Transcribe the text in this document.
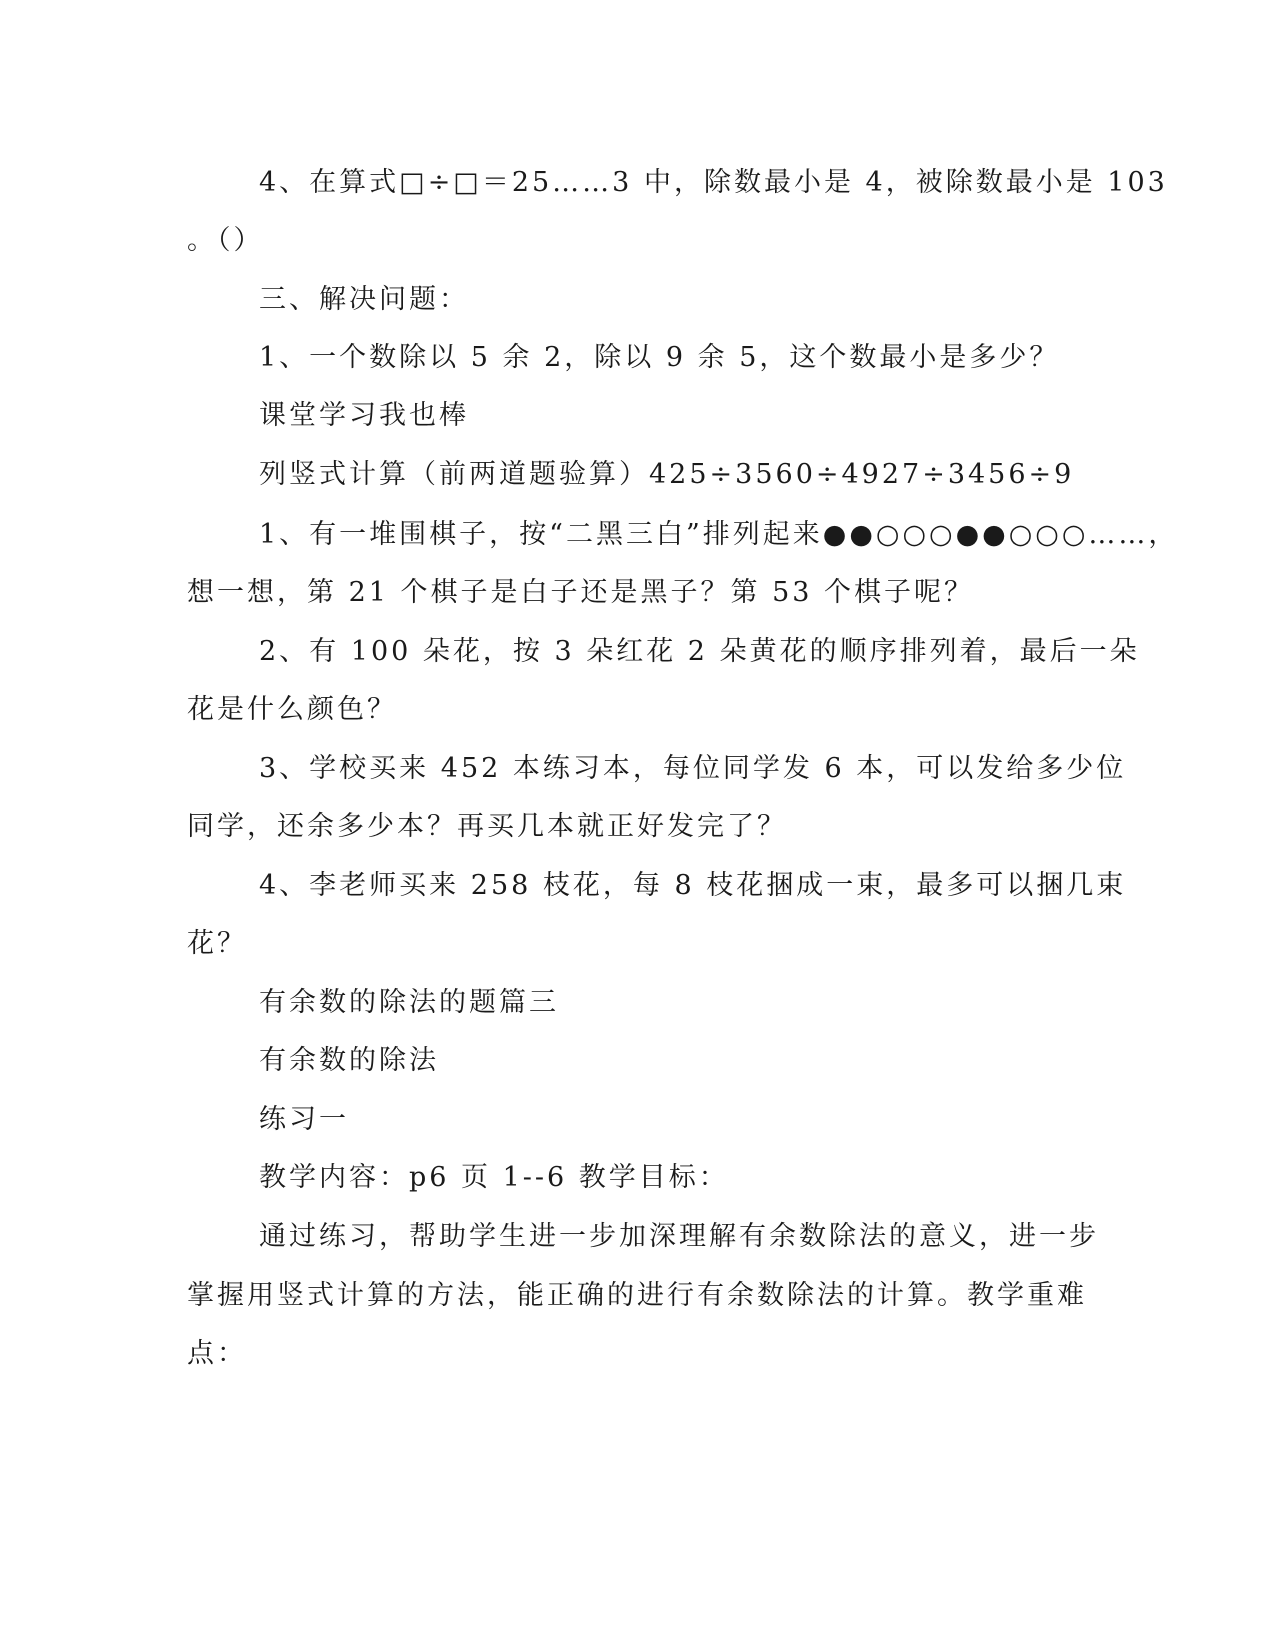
4、在算式□÷□＝25……3 中，除数最小是 4，被除数最小是 103
。（）
三、解决问题：
1、一个数除以 5 余 2，除以 9 余 5，这个数最小是多少？
课堂学习我也棒
列竖式计算（前两道题验算）425÷3560÷4927÷3456÷9
1、有一堆围棋子，按“二黑三白”排列起来●●○○○●●○○○……，
想一想，第 21 个棋子是白子还是黑子？第 53 个棋子呢？
2、有 100 朵花，按 3 朵红花 2 朵黄花的顺序排列着，最后一朵
花是什么颜色？
3、学校买来 452 本练习本，每位同学发 6 本，可以发给多少位
同学，还余多少本？再买几本就正好发完了？
4、李老师买来 258 枝花，每 8 枝花捆成一束，最多可以捆几束
花？
有余数的除法的题篇三
有余数的除法
练习一
教学内容：p6 页 1--6 教学目标：
通过练习，帮助学生进一步加深理解有余数除法的意义，进一步
掌握用竖式计算的方法，能正确的进行有余数除法的计算。教学重难
点：
